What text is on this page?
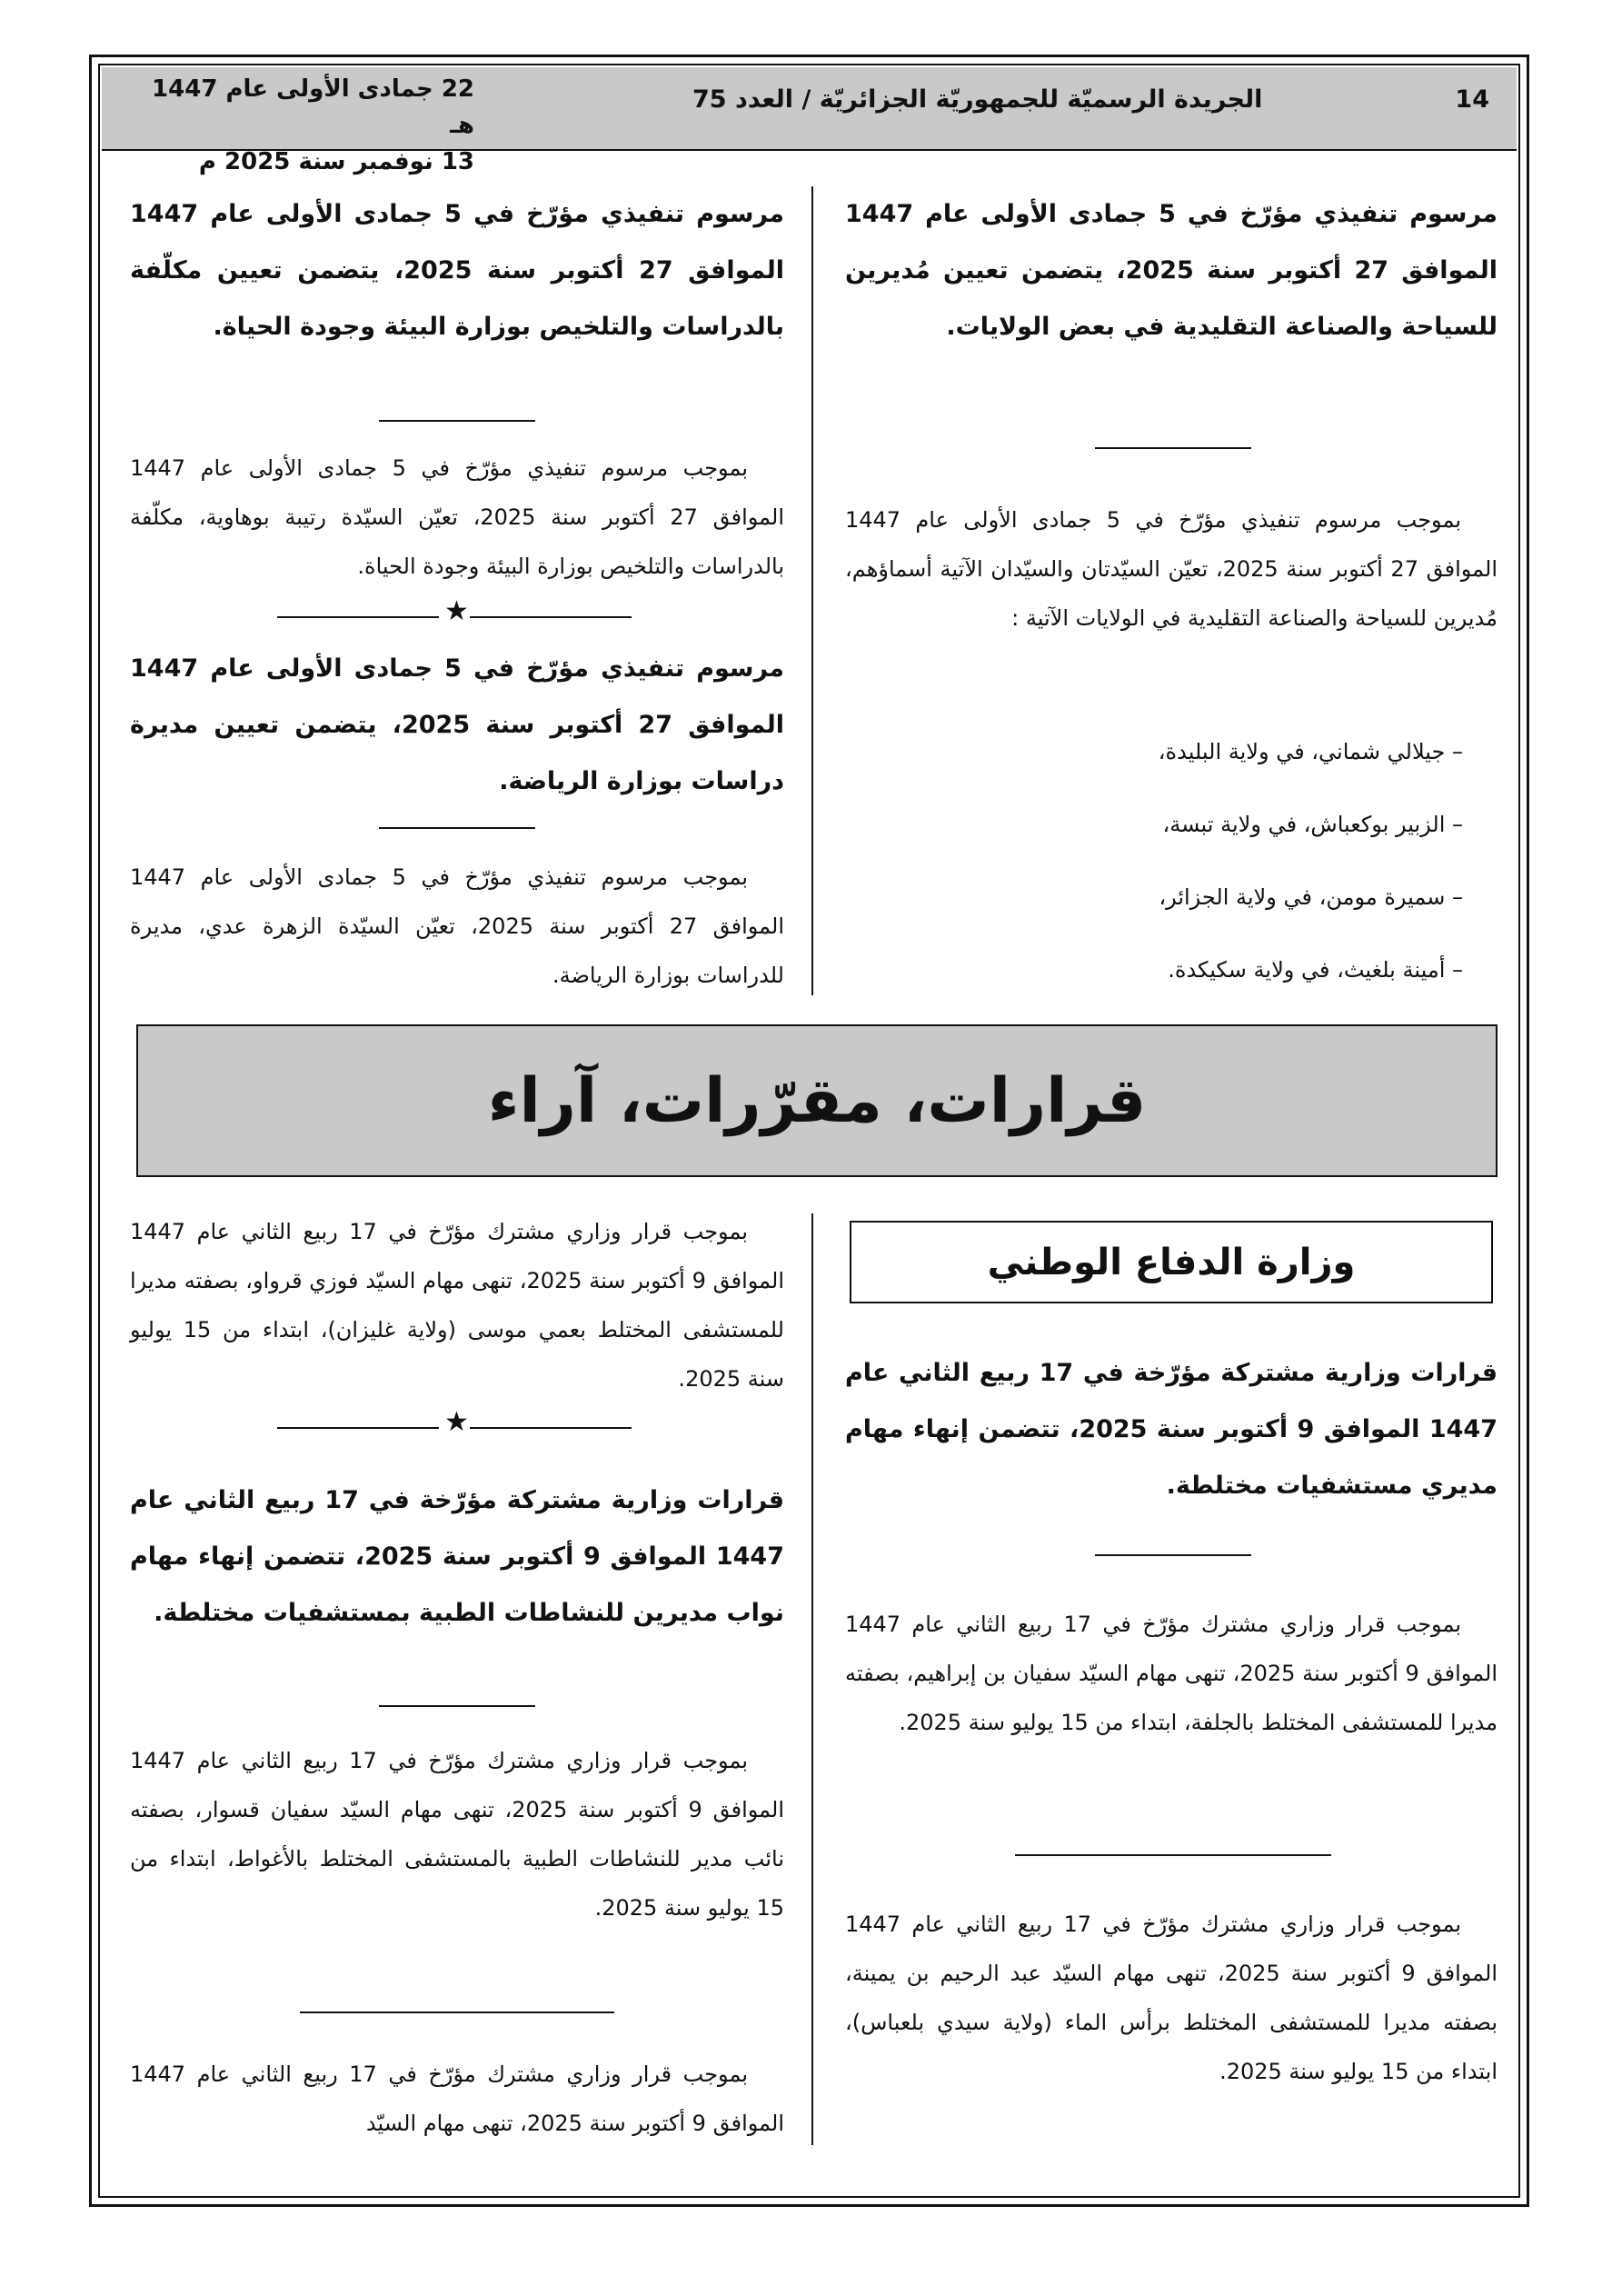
14
الجريدة الرسميّة للجمهوريّة الجزائريّة / العدد 75
22 جمادى الأولى عام 1447 هـ
13 نوفمبر سنة 2025 م
مرسوم تنفيذي مؤرّخ في 5 جمادى الأولى عام 1447 الموافق 27 أكتوبر سنة 2025، يتضمن تعيين مُديرين للسياحة والصناعة التقليدية في بعض الولايات.
بموجب مرسوم تنفيذي مؤرّخ في 5 جمادى الأولى عام 1447 الموافق 27 أكتوبر سنة 2025، تعيّن السيّدتان والسيّدان الآتية أسماؤهم، مُديرين للسياحة والصناعة التقليدية في الولايات الآتية :
– جيلالي شماني، في ولاية البليدة،
– الزبير بوكعباش، في ولاية تبسة،
– سميرة مومن، في ولاية الجزائر،
– أمينة بلغيث، في ولاية سكيكدة.
مرسوم تنفيذي مؤرّخ في 5 جمادى الأولى عام 1447 الموافق 27 أكتوبر سنة 2025، يتضمن تعيين مكلّفة بالدراسات والتلخيص بوزارة البيئة وجودة الحياة.
بموجب مرسوم تنفيذي مؤرّخ في 5 جمادى الأولى عام 1447 الموافق 27 أكتوبر سنة 2025، تعيّن السيّدة رتيبة بوهاوية، مكلّفة بالدراسات والتلخيص بوزارة البيئة وجودة الحياة.
★
مرسوم تنفيذي مؤرّخ في 5 جمادى الأولى عام 1447 الموافق 27 أكتوبر سنة 2025، يتضمن تعيين مديرة دراسات بوزارة الرياضة.
بموجب مرسوم تنفيذي مؤرّخ في 5 جمادى الأولى عام 1447 الموافق 27 أكتوبر سنة 2025، تعيّن السيّدة الزهرة عدي، مديرة للدراسات بوزارة الرياضة.
قرارات، مقرّرات، آراء
وزارة الدفاع الوطني
قرارات وزارية مشتركة مؤرّخة في 17 ربيع الثاني عام 1447 الموافق 9 أكتوبر سنة 2025، تتضمن إنهاء مهام مديري مستشفيات مختلطة.
بموجب قرار وزاري مشترك مؤرّخ في 17 ربيع الثاني عام 1447 الموافق 9 أكتوبر سنة 2025، تنهى مهام السيّد سفيان بن إبراهيم، بصفته مديرا للمستشفى المختلط بالجلفة، ابتداء من 15 يوليو سنة 2025.
بموجب قرار وزاري مشترك مؤرّخ في 17 ربيع الثاني عام 1447 الموافق 9 أكتوبر سنة 2025، تنهى مهام السيّد عبد الرحيم بن يمينة، بصفته مديرا للمستشفى المختلط برأس الماء (ولاية سيدي بلعباس)، ابتداء من 15 يوليو سنة 2025.
بموجب قرار وزاري مشترك مؤرّخ في 17 ربيع الثاني عام 1447 الموافق 9 أكتوبر سنة 2025، تنهى مهام السيّد فوزي قرواو، بصفته مديرا للمستشفى المختلط بعمي موسى (ولاية غليزان)، ابتداء من 15 يوليو سنة 2025.
★
قرارات وزارية مشتركة مؤرّخة في 17 ربيع الثاني عام 1447 الموافق 9 أكتوبر سنة 2025، تتضمن إنهاء مهام نواب مديرين للنشاطات الطبية بمستشفيات مختلطة.
بموجب قرار وزاري مشترك مؤرّخ في 17 ربيع الثاني عام 1447 الموافق 9 أكتوبر سنة 2025، تنهى مهام السيّد سفيان قسوار، بصفته نائب مدير للنشاطات الطبية بالمستشفى المختلط بالأغواط، ابتداء من 15 يوليو سنة 2025.
بموجب قرار وزاري مشترك مؤرّخ في 17 ربيع الثاني عام 1447 الموافق 9 أكتوبر سنة 2025، تنهى مهام السيّد
